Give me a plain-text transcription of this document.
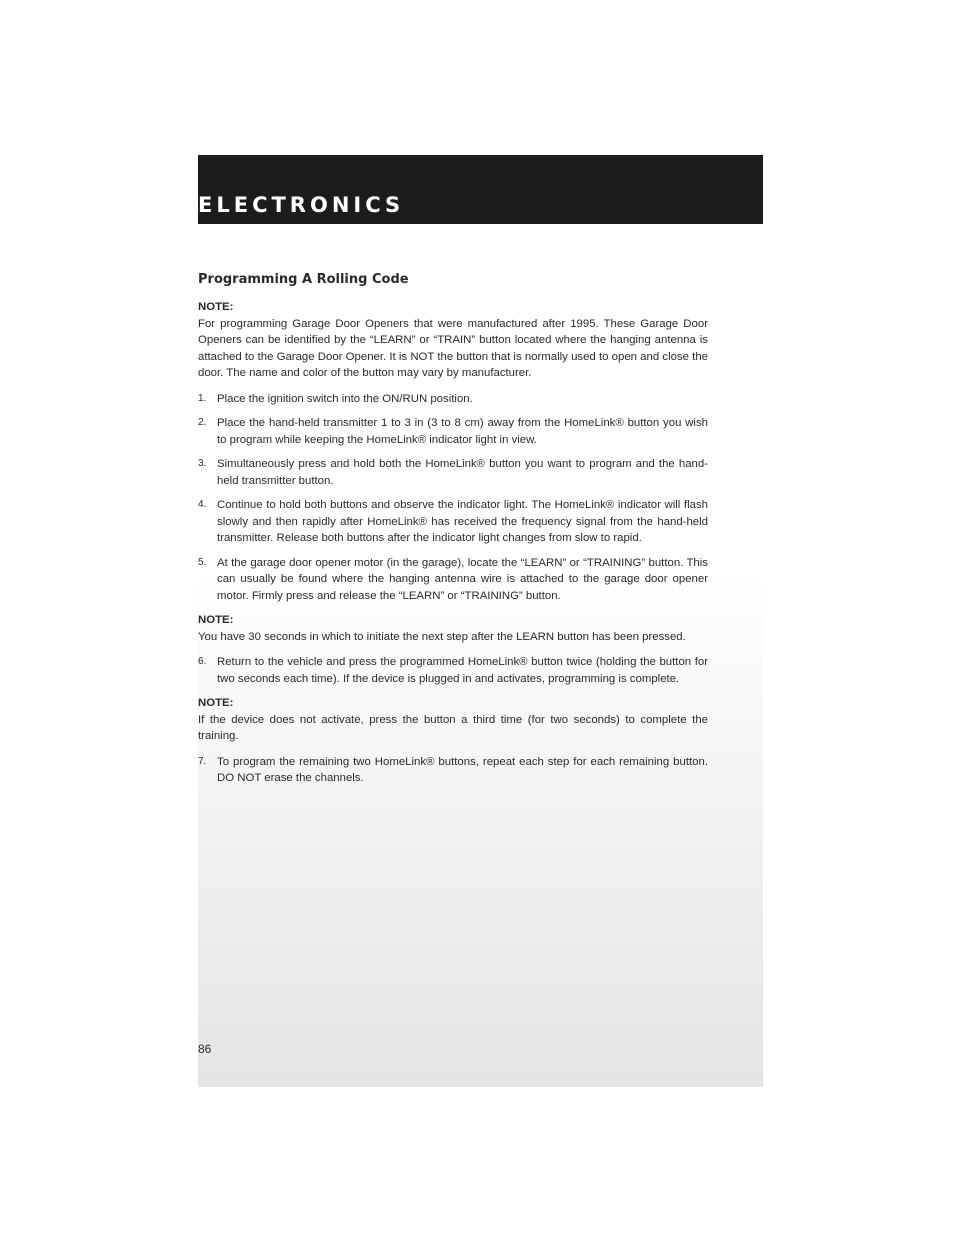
ELECTRONICS
Programming A Rolling Code

NOTE:

For programming Garage Door Openers that were manufactured after 1995. These Garage Door Openers can be identified by the “LEARN” or “TRAIN” button located where the hanging antenna is attached to the Garage Door Opener. It is NOT the button that is normally used to open and close the door. The name and color of the button may vary by manufacturer.

1. Place the ignition switch into the ON/RUN position.
2. Place the hand-held transmitter 1 to 3 in (3 to 8 cm) away from the HomeLink® button you wish to program while keeping the HomeLink® indicator light in view.
3. Simultaneously press and hold both the HomeLink® button you want to program and the hand-held transmitter button.
4. Continue to hold both buttons and observe the indicator light. The HomeLink® indicator will flash slowly and then rapidly after HomeLink® has received the frequency signal from the hand-held transmitter. Release both buttons after the indicator light changes from slow to rapid.
5. At the garage door opener motor (in the garage), locate the “LEARN” or “TRAINING” button. This can usually be found where the hanging antenna wire is attached to the garage door opener motor. Firmly press and release the “LEARN” or “TRAINING” button.

NOTE:

You have 30 seconds in which to initiate the next step after the LEARN button has been pressed.

6. Return to the vehicle and press the programmed HomeLink® button twice (holding the button for two seconds each time). If the device is plugged in and activates, programming is complete.

NOTE:

If the device does not activate, press the button a third time (for two seconds) to complete the training.

7. To program the remaining two HomeLink® buttons, repeat each step for each remaining button. DO NOT erase the channels.
86
